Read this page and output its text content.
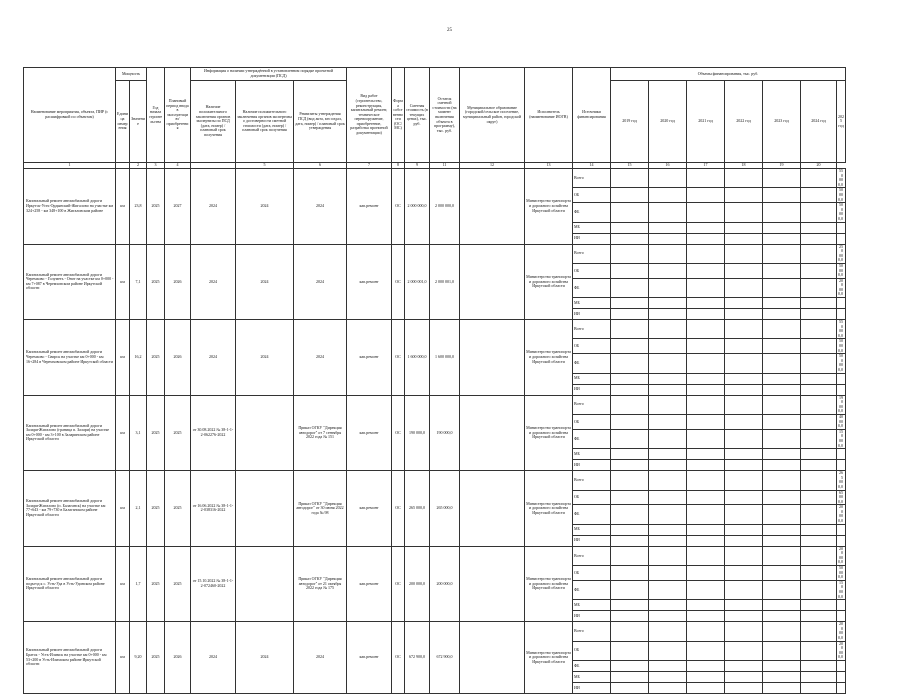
25
Наименование мероприятия, объекта, ПИР (с расшифровкой по объектам)	Мощность		Год начала строительства	Плановый период ввода в эксплуатацию/приобретения	Информация о наличии утверждённой в установленном порядке проектной документации (ПСД)			Вид работ (строительство, реконструкция, капитальный ремонт, техническое перевооружение, приобретение, разработка проектной документации)	Форма собственности (ОС/МС)	Сметная стоимость (в текущих ценах), тыс. руб.	Остаток сметной стоимости (на момент включения объекта в программу), тыс. руб.	Муниципальное образование (городской/сельское поселение, муниципальный район, городской округ)	Исполнитель (наименование ИОГВ)	Источники финансирования	Объемы финансирования, тыс. руб.						
	Единица измерения	Значение			Наличие положительного заключения органов экспертизы по ПСД (дата, номер) / плановый срок получения	Наличие положительного заключения органов экспертизы о достоверности сметной стоимости (дата, номер) / плановый срок получения	Реквизиты утверждения ПСД (вид акта, кто издал, дата, номер) / плановый срок утверждения								2019 год	2020 год	2021 год	2022 год	2023 год	2024 год	2025 год
1		2	3	4		5	6	7	8	9	11	12	13	14	15	16	17	18	19	20	
Капитальный ремонт автомобильной дороги Иркутск-Усть-Ордынский-Жигалово на участке км 324+258 - км 348+100 в Жигаловском районе	км	23,8	2025	2027	2024	2024	2024	кап.ремонт	ОС	2 000 000,0	2 000 000,0		Министерство транспорта и дорожного хозяйства Иркутской области	Всего							550 000,0
														ОБ							50 000,0
														ФБ							500 000,0
														МБ							
														ИИ							
Капитальный ремонт автомобильной дороги Черемхово - Голуметь - Онот на участке км 0+000 - км 7+087 в Черемховском районе Иркутской области	км	7,1	2025	2026	2024	2024	2024	кап.ремонт	ОС	2 000 001,0	2 000 001,0		Министерство транспорта и дорожного хозяйства Иркутской области	Всего							250 000,0
														ОБ							50 000,0
														ФБ							200 000,0
														МБ							
														ИИ							
Капитальный ремонт автомобильной дороги Черемхово - Свирск на участке км 0+000 - км 16+284 в Черемховском районе Иркутской области	км	16,2	2025	2026	2024	2024	2024	кап.ремонт	ОС	1 600 000,0	1 600 000,0		Министерство транспорта и дорожного хозяйства Иркутской области	Всего							550 000,0
														ОБ							50 000,0
														ФБ							500 000,0
														МБ							
														ИИ							
Капитальный ремонт автомобильной дороги Залари-Жигалово (граница п. Залари) на участке км 0+000 - км 3+100 в Заларинском районе Иркутской области	км	3,1	2025	2025	от 30.08.2022 № 38-1-1-2-062276-2022		Приказ ОГКУ "Дирекция автодорог" от 7 сентября 2022 года № 151	кап.ремонт	ОС	190 000,0	190 000,0		Министерство транспорта и дорожного хозяйства Иркутской области	Всего							190 000,0
														ОБ							40 000,0
														ФБ							150 000,0
														МБ							
														ИИ							
Капитальный ремонт автомобильной дороги Залари-Жигалово (п. Балаганск) на участке км 77+643 - км 79+730 в Балаганском районе Иркутской области	км	2,1	2025	2025	от 16.06.2022 № 38-1-1-2-038316-2022		Приказ ОГКУ "Дирекция автодорог" от 30 июня 2022 года № 98	кап.ремонт	ОС	265 000,0	265 000,0		Министерство транспорта и дорожного хозяйства Иркутской области	Всего							265 000,0
														ОБ							65 000,0
														ФБ							200 000,0
														МБ							
														ИИ							
Капитальный ремонт автомобильной дороги подъезд к с. Усть-Уда в Усть-Удинском районе Иркутской области	км	1,7	2025	2025	от 15.10.2022 № 38-1-1-2-072460-2022		Приказ ОГКУ "Дирекция автодорог" от 21 октября 2022 года № 175	кап.ремонт	ОС	200 000,0	200 000,0		Министерство транспорта и дорожного хозяйства Иркутской области	Всего							200 000,0
														ОБ							50 000,0
														ФБ							150 000,0
														МБ							
														ИИ							
Капитальный ремонт автомобильной дороги Братск - Усть-Илимск на участке км 0+000 - км 53+200 в Усть-Илимском районе Иркутской области	км	9,20	2025	2026	2024	2024	2024	кап.ремонт	ОС	672 900,0	672 900,0		Министерство транспорта и дорожного хозяйства Иркутской области	Всего							200 000,0
														ОБ							200 000,0
														ФБ							
														МБ							
														ИИ							
